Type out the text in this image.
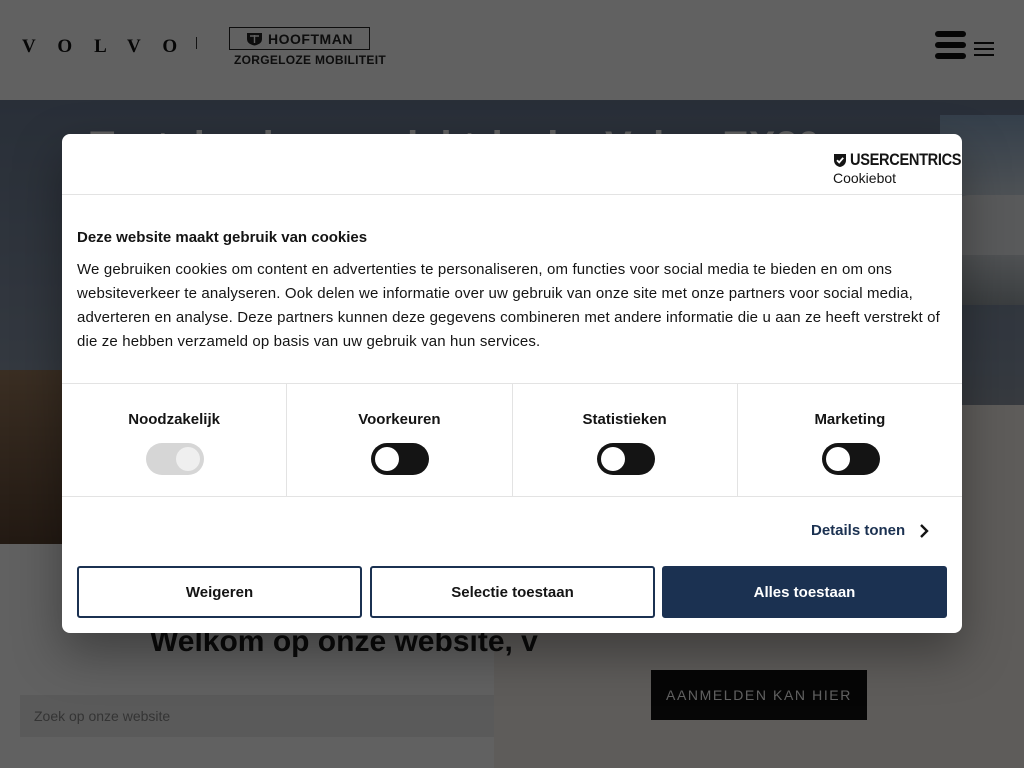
Zoek op onze website
USERCENTRICS
Cookiebot
Deze website maakt gebruik van cookies

We gebruiken cookies om content en advertenties te personaliseren, om functies voor social media te bieden en om ons websiteverkeer te analyseren. Ook delen we informatie over uw gebruik van onze site met onze partners voor social media, adverteren en analyse. Deze partners kunnen deze gegevens combineren met andere informatie die u aan ze heeft verstrekt of die ze hebben verzameld op basis van uw gebruik van hun services.

Noodzakelijk	Voorkeuren	Statistieken	Marketing
Details tonen
Weigeren	Selectie toestaan	Alles toestaan
